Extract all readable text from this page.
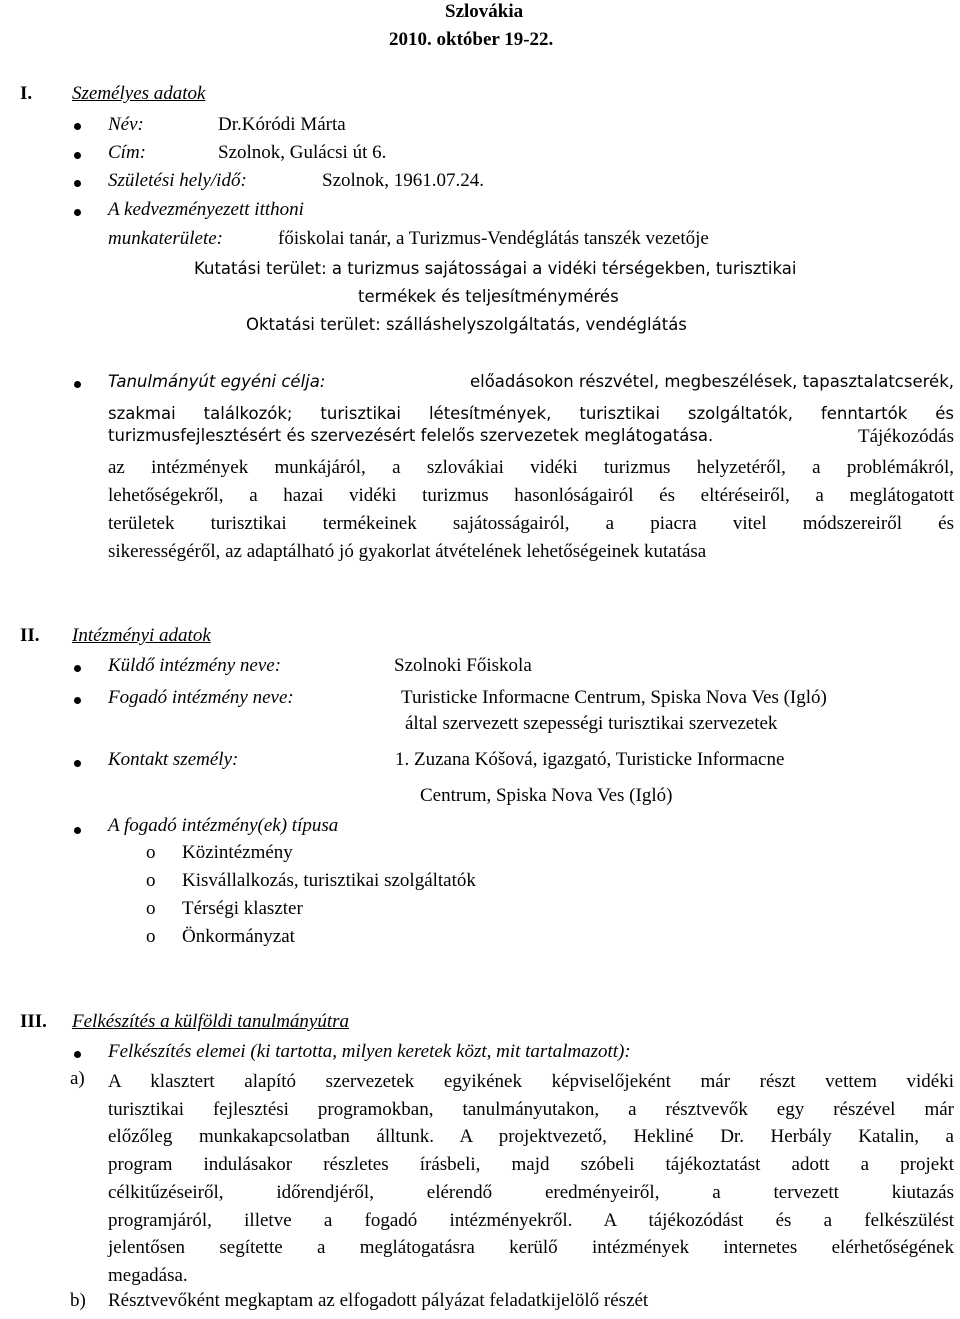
Szlovákia
2010. október 19-22.
I. Személyes adatok
Név:	Dr.Kóródi Márta
Cím:	Szolnok, Gulácsi út 6.
Születési hely/idő:	Szolnok, 1961.07.24.
A kedvezményezett itthoni
munkaterülete:	főiskolai tanár, a Turizmus-Vendéglátás tanszék vezetője
Kutatási terület: a turizmus sajátosságai a vidéki térségekben, turisztikai
termékek és teljesítménymérés
Oktatási terület: szálláshelyszolgáltatás, vendéglátás
Tanulmányút egyéni célja:	előadásokon részvétel, megbeszélések, tapasztalatcserék,
szakmai találkozók; turisztikai létesítmények, turisztikai szolgáltatók, fenntartók és
turizmusfejlesztésért és szervezésért felelős szervezetek meglátogatása.	Tájékozódás
az intézmények munkájáról, a szlovákiai vidéki turizmus helyzetéről, a problémákról,
lehetőségekről, a hazai vidéki turizmus hasonlóságairól és eltéréseiről, a meglátogatott
területek turisztikai termékeinek sajátosságairól, a piacra vitel módszereiről és
sikerességéről, az adaptálható jó gyakorlat átvételének lehetőségeinek kutatása
II. Intézményi adatok
Küldő intézmény neve:	Szolnoki Főiskola
Fogadó intézmény neve:	Turisticke Informacne Centrum, Spiska Nova Ves (Igló)
által szervezett szepességi turisztikai szervezetek
Kontakt személy:	1. Zuzana Kóšová, igazgató, Turisticke Informacne
Centrum, Spiska Nova Ves (Igló)
A fogadó intézmény(ek) típusa
o Közintézmény
o Kisvállalkozás, turisztikai szolgáltatók
o Térségi klaszter
o Önkormányzat
III. Felkészítés a külföldi tanulmányútra
Felkészítés elemei (ki tartotta, milyen keretek közt, mit tartalmazott):
a) A klasztert alapító szervezetek egyikének képviselőjeként már részt vettem vidéki
turisztikai fejlesztési programokban, tanulmányutakon, a résztvevők egy részével már
előzőleg munkakapcsolatban álltunk. A projektvezető, Hekliné Dr. Herbály Katalin, a
program indulásakor részletes írásbeli, majd szóbeli tájékoztatást adott a projekt
célkitűzéseiről, időrendjéről, elérendő eredményeiről, a tervezett kiutazás
programjáról, illetve a fogadó intézményekről. A tájékozódást és a felkészülést
jelentősen segítette a meglátogatásra kerülő intézmények internetes elérhetőségének
megadása.
b) Résztvevőként megkaptam az elfogadott pályázat feladatkijelölő részét
